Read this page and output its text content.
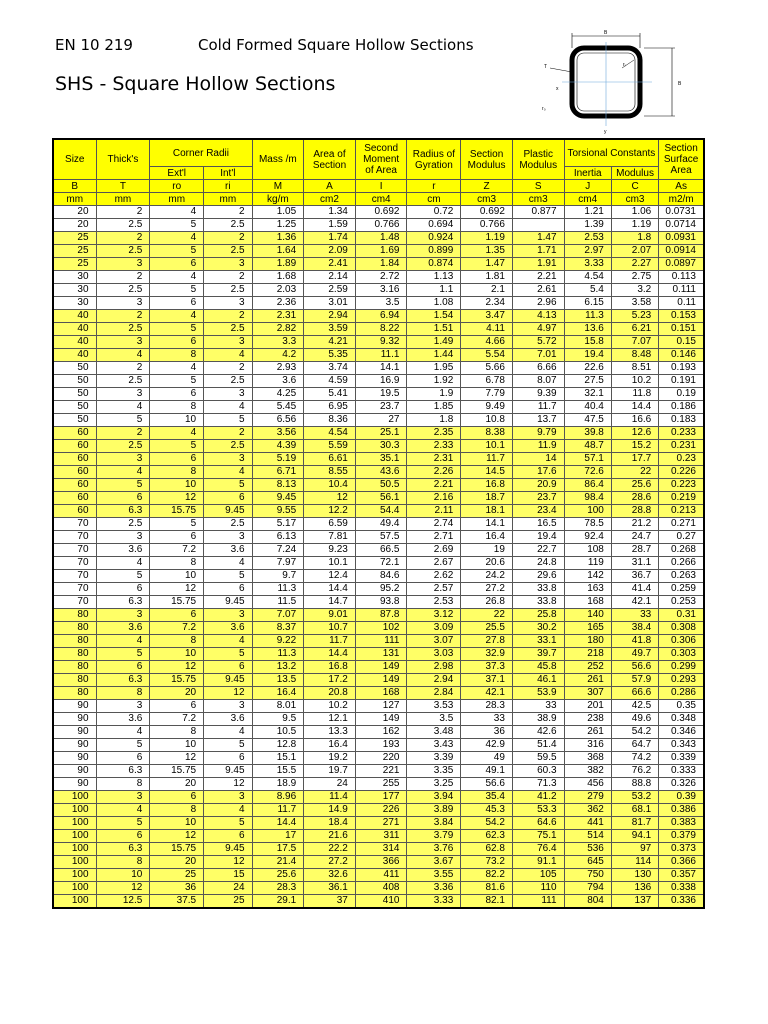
EN 10 219	Cold Formed Square Hollow Sections
SHS - Square Hollow Sections
B
B
T
r₀
rᵢ
x
y
Size	Thick's	Corner Radii		Mass /m	Area of Section	Second Moment of Area	Radius of Gyration	Section Modulus	Plastic Modulus	Torsional Constants		Section Surface Area
		Ext'l	Int'l							Inertia	Modulus	
B	T	ro	ri	M	A	I	r	Z	S	J	C	As
mm	mm	mm	mm	kg/m	cm2	cm4	cm	cm3	cm3	cm4	cm3	m2/m
20	2	4	2	1.05	1.34	0.692	0.72	0.692	0.877	1.21	1.06	0.0731
20	2.5	5	2.5	1.25	1.59	0.766	0.694	0.766		1.39	1.19	0.0714
25	2	4	2	1.36	1.74	1.48	0.924	1.19	1.47	2.53	1.8	0.0931
25	2.5	5	2.5	1.64	2.09	1.69	0.899	1.35	1.71	2.97	2.07	0.0914
25	3	6	3	1.89	2.41	1.84	0.874	1.47	1.91	3.33	2.27	0.0897
30	2	4	2	1.68	2.14	2.72	1.13	1.81	2.21	4.54	2.75	0.113
30	2.5	5	2.5	2.03	2.59	3.16	1.1	2.1	2.61	5.4	3.2	0.111
30	3	6	3	2.36	3.01	3.5	1.08	2.34	2.96	6.15	3.58	0.11
40	2	4	2	2.31	2.94	6.94	1.54	3.47	4.13	11.3	5.23	0.153
40	2.5	5	2.5	2.82	3.59	8.22	1.51	4.11	4.97	13.6	6.21	0.151
40	3	6	3	3.3	4.21	9.32	1.49	4.66	5.72	15.8	7.07	0.15
40	4	8	4	4.2	5.35	11.1	1.44	5.54	7.01	19.4	8.48	0.146
50	2	4	2	2.93	3.74	14.1	1.95	5.66	6.66	22.6	8.51	0.193
50	2.5	5	2.5	3.6	4.59	16.9	1.92	6.78	8.07	27.5	10.2	0.191
50	3	6	3	4.25	5.41	19.5	1.9	7.79	9.39	32.1	11.8	0.19
50	4	8	4	5.45	6.95	23.7	1.85	9.49	11.7	40.4	14.4	0.186
50	5	10	5	6.56	8.36	27	1.8	10.8	13.7	47.5	16.6	0.183
60	2	4	2	3.56	4.54	25.1	2.35	8.38	9.79	39.8	12.6	0.233
60	2.5	5	2.5	4.39	5.59	30.3	2.33	10.1	11.9	48.7	15.2	0.231
60	3	6	3	5.19	6.61	35.1	2.31	11.7	14	57.1	17.7	0.23
60	4	8	4	6.71	8.55	43.6	2.26	14.5	17.6	72.6	22	0.226
60	5	10	5	8.13	10.4	50.5	2.21	16.8	20.9	86.4	25.6	0.223
60	6	12	6	9.45	12	56.1	2.16	18.7	23.7	98.4	28.6	0.219
60	6.3	15.75	9.45	9.55	12.2	54.4	2.11	18.1	23.4	100	28.8	0.213
70	2.5	5	2.5	5.17	6.59	49.4	2.74	14.1	16.5	78.5	21.2	0.271
70	3	6	3	6.13	7.81	57.5	2.71	16.4	19.4	92.4	24.7	0.27
70	3.6	7.2	3.6	7.24	9.23	66.5	2.69	19	22.7	108	28.7	0.268
70	4	8	4	7.97	10.1	72.1	2.67	20.6	24.8	119	31.1	0.266
70	5	10	5	9.7	12.4	84.6	2.62	24.2	29.6	142	36.7	0.263
70	6	12	6	11.3	14.4	95.2	2.57	27.2	33.8	163	41.4	0.259
70	6.3	15.75	9.45	11.5	14.7	93.8	2.53	26.8	33.8	168	42.1	0.253
80	3	6	3	7.07	9.01	87.8	3.12	22	25.8	140	33	0.31
80	3.6	7.2	3.6	8.37	10.7	102	3.09	25.5	30.2	165	38.4	0.308
80	4	8	4	9.22	11.7	111	3.07	27.8	33.1	180	41.8	0.306
80	5	10	5	11.3	14.4	131	3.03	32.9	39.7	218	49.7	0.303
80	6	12	6	13.2	16.8	149	2.98	37.3	45.8	252	56.6	0.299
80	6.3	15.75	9.45	13.5	17.2	149	2.94	37.1	46.1	261	57.9	0.293
80	8	20	12	16.4	20.8	168	2.84	42.1	53.9	307	66.6	0.286
90	3	6	3	8.01	10.2	127	3.53	28.3	33	201	42.5	0.35
90	3.6	7.2	3.6	9.5	12.1	149	3.5	33	38.9	238	49.6	0.348
90	4	8	4	10.5	13.3	162	3.48	36	42.6	261	54.2	0.346
90	5	10	5	12.8	16.4	193	3.43	42.9	51.4	316	64.7	0.343
90	6	12	6	15.1	19.2	220	3.39	49	59.5	368	74.2	0.339
90	6.3	15.75	9.45	15.5	19.7	221	3.35	49.1	60.3	382	76.2	0.333
90	8	20	12	18.9	24	255	3.25	56.6	71.3	456	88.8	0.326
100	3	6	3	8.96	11.4	177	3.94	35.4	41.2	279	53.2	0.39
100	4	8	4	11.7	14.9	226	3.89	45.3	53.3	362	68.1	0.386
100	5	10	5	14.4	18.4	271	3.84	54.2	64.6	441	81.7	0.383
100	6	12	6	17	21.6	311	3.79	62.3	75.1	514	94.1	0.379
100	6.3	15.75	9.45	17.5	22.2	314	3.76	62.8	76.4	536	97	0.373
100	8	20	12	21.4	27.2	366	3.67	73.2	91.1	645	114	0.366
100	10	25	15	25.6	32.6	411	3.55	82.2	105	750	130	0.357
100	12	36	24	28.3	36.1	408	3.36	81.6	110	794	136	0.338
100	12.5	37.5	25	29.1	37	410	3.33	82.1	111	804	137	0.336
